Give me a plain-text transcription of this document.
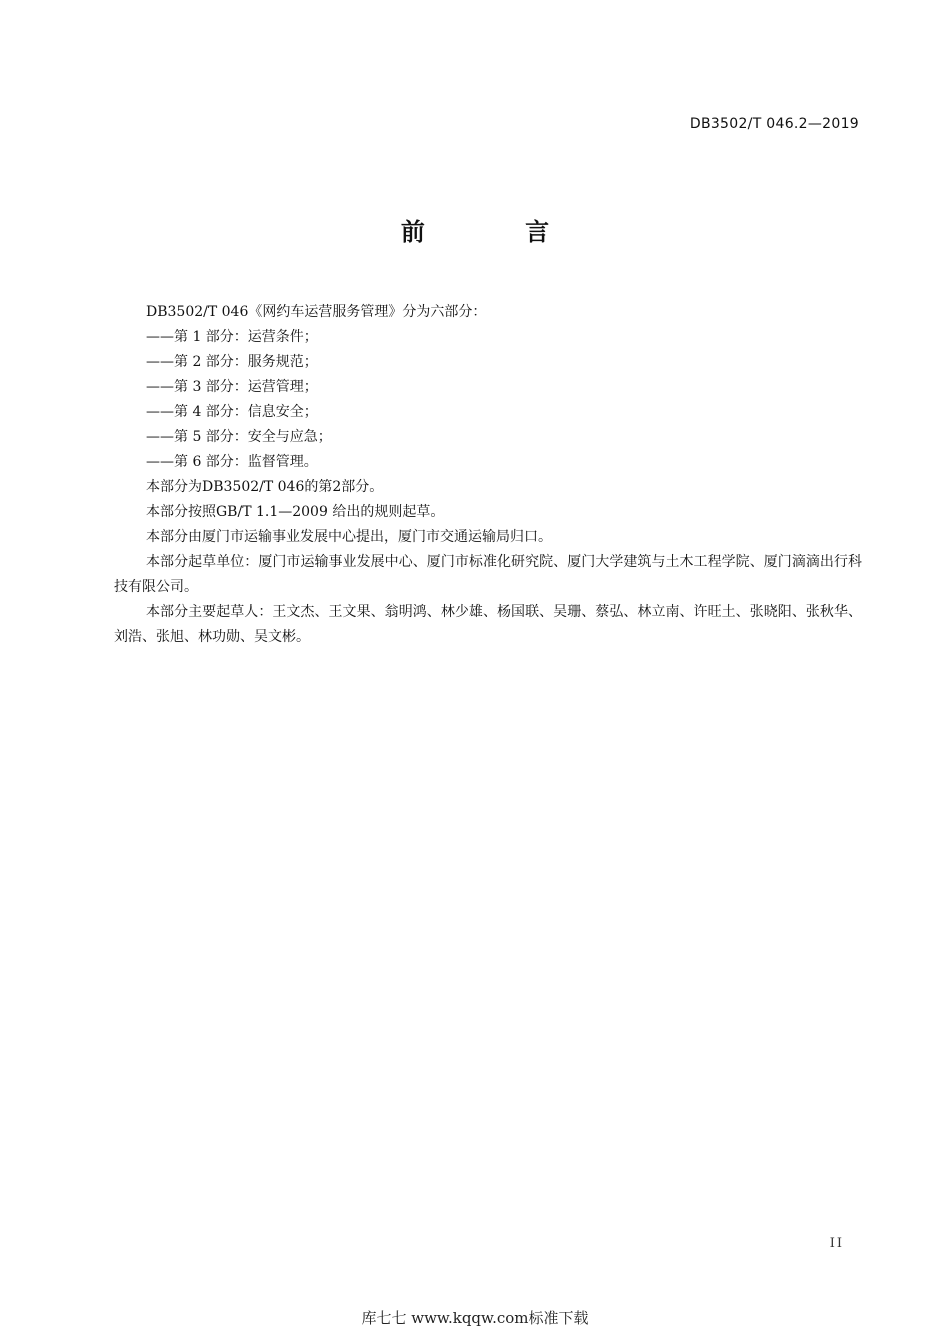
DB3502/T 046.2—2019
前 言

DB3502/T 046《网约车运营服务管理》分为六部分：

——第 1 部分：运营条件；

——第 2 部分：服务规范；

——第 3 部分：运营管理；

——第 4 部分：信息安全；

——第 5 部分：安全与应急；

——第 6 部分：监督管理。

本部分为DB3502/T 046的第2部分。

本部分按照GB/T 1.1—2009 给出的规则起草。

本部分由厦门市运输事业发展中心提出，厦门市交通运输局归口。

本部分起草单位：厦门市运输事业发展中心、厦门市标准化研究院、厦门大学建筑与土木工程学院、厦门滴滴出行科技有限公司。

本部分主要起草人：王文杰、王文果、翁明鸿、林少雄、杨国联、吴珊、蔡弘、林立南、许旺土、张晓阳、张秋华、刘浩、张旭、林功勋、吴文彬。

II
库七七 www.kqqw.com标准下载
